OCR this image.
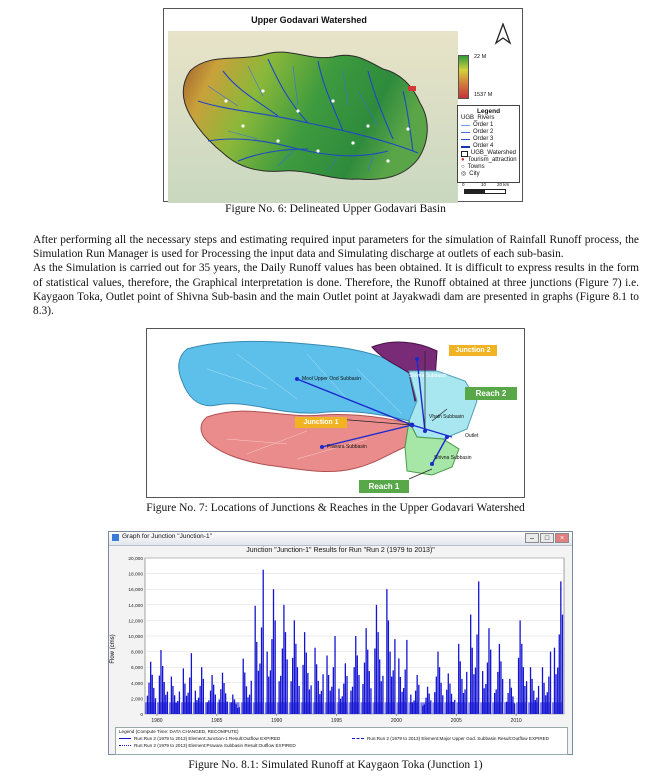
Upper Godavari Watershed
22 M
1537 M
Legend
UGB_Rivers
Order 1
Order 2
Order 3
Order 4
UGB_Watershed
● Tourism_attraction
○ Towns
◎ City
0	10 20 km
Figure No. 6: Delineated Upper Godavari Basin

After performing all the necessary steps and estimating required input parameters for the simulation of Rainfall Runoff process, the Simulation Run Manager is used for Processing the input data and Simulating discharge at outlets of each sub-basin.

As the Simulation is carried out for 35 years, the Daily Runoff values has been obtained. It is difficult to express results in the form of statistical values, therefore, the Graphical interpretation is done. Therefore, the Runoff obtained at three junctions (Figure 7) i.e. Kaygaon Toka, Outlet point of Shivna Sub-basin and the main Outlet point at Jayakwadi dam are presented in graphs (Figure 8.1 to 8.3).

Mool Upper Ood Subbasin
Pravara Subbasin
Shivna Subbasin
Vhain Subbasin
Shivna Subbasin
Outlet
Junction 2
Reach 2
Junction 1
Reach 1
Figure No. 7: Locations of Junctions & Reaches in the Upper Godavari Watershed
Graph for Junction "Junction-1"	–	□	×
Junction "Junction-1" Results for Run "Run 2 (1979 to 2013)"
Flow (cms)
0
2,000
4,000
6,000
8,000
10,000
12,000
14,000
16,000
18,000
20,000
1980	1985	1990	1995	2000	2005	2010
Legend (Compute Time: DATA CHANGED, RECOMPUTE)
Run:Run 2 (1979 to 2013) Element:Junction-1 Result:Outflow EXPIRED	Run:Run 2 (1979 to 2013) Element:Major Upper God. Subbasin Result:Outflow EXPIRED
Run:Run 2 (1979 to 2013) Element:Pravara Subbasin Result:Outflow EXPIRED
Figure No. 8.1: Simulated Runoff at Kaygaon Toka (Junction 1)
